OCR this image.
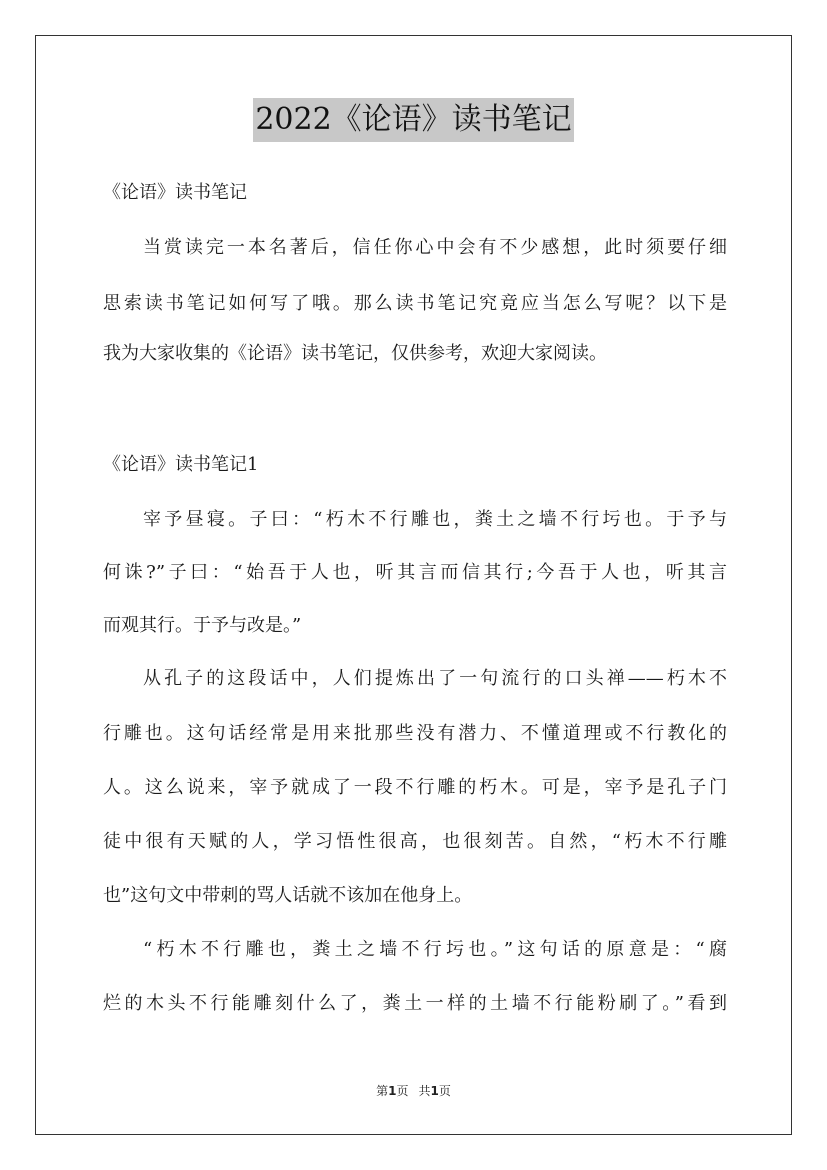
2022《论语》读书笔记
《论语》读书笔记
当赏读完一本名著后，信任你心中会有不少感想，此时须要仔细
思索读书笔记如何写了哦。那么读书笔记究竟应当怎么写呢？以下是
我为大家收集的《论语》读书笔记，仅供参考，欢迎大家阅读。
《论语》读书笔记1
宰予昼寝。子曰：“朽木不行雕也，粪土之墙不行圬也。于予与
何诛?”子曰：“始吾于人也，听其言而信其行;今吾于人也，听其言
而观其行。于予与改是。”
从孔子的这段话中，人们提炼出了一句流行的口头禅——朽木不
行雕也。这句话经常是用来批那些没有潜力、不懂道理或不行教化的
人。这么说来，宰予就成了一段不行雕的朽木。可是，宰予是孔子门
徒中很有天赋的人，学习悟性很高，也很刻苦。自然，“朽木不行雕
也”这句文中带刺的骂人话就不该加在他身上。
“朽木不行雕也，粪土之墙不行圬也。”这句话的原意是：“腐
烂的木头不行能雕刻什么了，粪土一样的土墙不行能粉刷了。”看到
第1页 共1页
